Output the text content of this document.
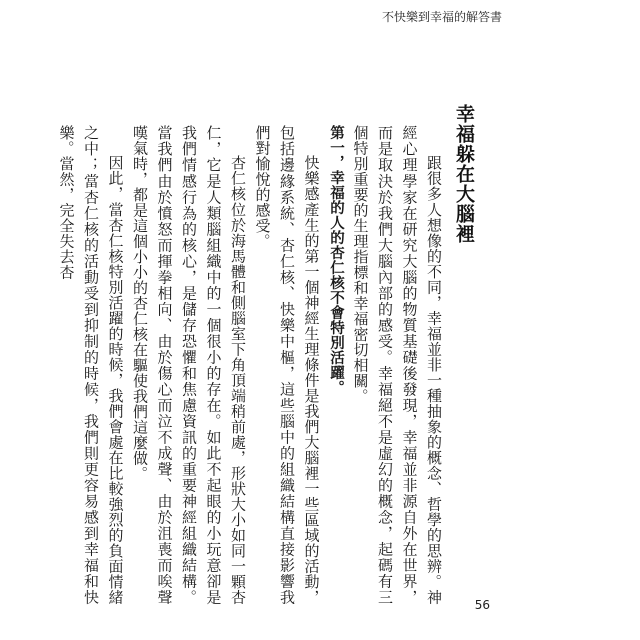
不快樂到幸福的解答書
幸福躲在大腦裡

跟很多人想像的不同，幸福並非一種抽象的概念、哲學的思辨。神經心理學家在研究大腦的物質基礎後發現，幸福並非源自外在世界，而是取決於我們大腦內部的感受。幸福絕不是虛幻的概念，起碼有三個特別重要的生理指標和幸福密切相關。

第一，幸福的人的杏仁核不會特別活躍。

快樂感產生的第一個神經生理條件是我們大腦裡一些區域的活動，包括邊緣系統、杏仁核、快樂中樞，這些腦中的組織結構直接影響我們對愉悅的感受。

杏仁核位於海馬體和側腦室下角頂端稍前處，形狀大小如同一顆杏仁，它是人類腦組織中的一個很小的存在。如此不起眼的小玩意卻是我們情感行為的核心，是儲存恐懼和焦慮資訊的重要神經組織結構。當我們由於憤怒而揮拳相向、由於傷心而泣不成聲、由於沮喪而唉聲嘆氣時，都是這個小小的杏仁核在驅使我們這麼做。

因此，當杏仁核特別活躍的時候，我們會處在比較強烈的負面情緒之中；當杏仁核的活動受到抑制的時候，我們則更容易感到幸福和快樂。當然，完全失去杏

56
